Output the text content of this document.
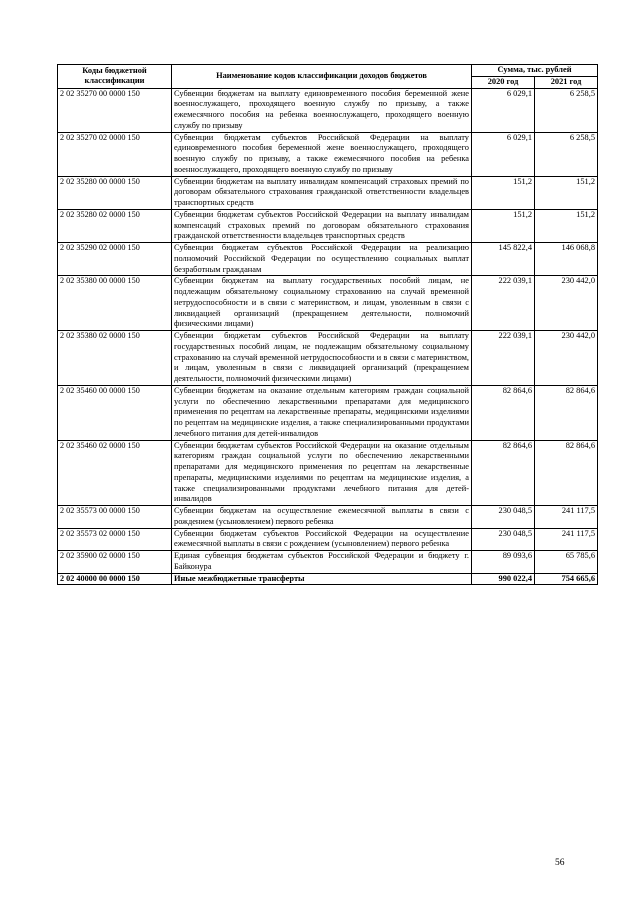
Коды бюджетной классификации	Наименование кодов классификации доходов бюджетов	Сумма, тыс. рублей	
		2020 год	2021 год
2 02 35270 00 0000 150	Субвенции бюджетам на выплату единовременного пособия беременной жене военнослужащего, проходящего военную службу по призыву, а также ежемесячного пособия на ребенка военнослужащего, проходящего военную службу по призыву	6 029,1	6 258,5
2 02 35270 02 0000 150	Субвенции бюджетам субъектов Российской Федерации на выплату единовременного пособия беременной жене военнослужащего, проходящего военную службу по призыву, а также ежемесячного пособия на ребенка военнослужащего, проходящего военную службу по призыву	6 029,1	6 258,5
2 02 35280 00 0000 150	Субвенции бюджетам на выплату инвалидам компенсаций страховых премий по договорам обязательного страхования гражданской ответственности владельцев транспортных средств	151,2	151,2
2 02 35280 02 0000 150	Субвенции бюджетам субъектов Российской Федерации на выплату инвалидам компенсаций страховых премий по договорам обязательного страхования гражданской ответственности владельцев транспортных средств	151,2	151,2
2 02 35290 02 0000 150	Субвенции бюджетам субъектов Российской Федерации на реализацию полномочий Российской Федерации по осуществлению социальных выплат безработным гражданам	145 822,4	146 068,8
2 02 35380 00 0000 150	Субвенции бюджетам на выплату государственных пособий лицам, не подлежащим обязательному социальному страхованию на случай временной нетрудоспособности и в связи с материнством, и лицам, уволенным в связи с ликвидацией организаций (прекращением деятельности, полномочий физическими лицами)	222 039,1	230 442,0
2 02 35380 02 0000 150	Субвенции бюджетам субъектов Российской Федерации на выплату государственных пособий лицам, не подлежащим обязательному социальному страхованию на случай временной нетрудоспособности и в связи с материнством, и лицам, уволенным в связи с ликвидацией организаций (прекращением деятельности, полномочий физическими лицами)	222 039,1	230 442,0
2 02 35460 00 0000 150	Субвенции бюджетам на оказание отдельным категориям граждан социальной услуги по обеспечению лекарственными препаратами для медицинского применения по рецептам на лекарственные препараты, медицинскими изделиями по рецептам на медицинские изделия, а также специализированными продуктами лечебного питания для детей-инвалидов	82 864,6	82 864,6
2 02 35460 02 0000 150	Субвенции бюджетам субъектов Российской Федерации на оказание отдельным категориям граждан социальной услуги по обеспечению лекарственными препаратами для медицинского применения по рецептам на лекарственные препараты, медицинскими изделиями по рецептам на медицинские изделия, а также специализированными продуктами лечебного питания для детей-инвалидов	82 864,6	82 864,6
2 02 35573 00 0000 150	Субвенции бюджетам на осуществление ежемесячной выплаты в связи с рождением (усыновлением) первого ребенка	230 048,5	241 117,5
2 02 35573 02 0000 150	Субвенции бюджетам субъектов Российской Федерации на осуществление ежемесячной выплаты в связи с рождением (усыновлением) первого ребенка	230 048,5	241 117,5
2 02 35900 02 0000 150	Единая субвенция бюджетам субъектов Российской Федерации и бюджету г. Байконура	89 093,6	65 785,6
2 02 40000 00 0000 150	Иные межбюджетные трансферты	990 022,4	754 665,6
56
